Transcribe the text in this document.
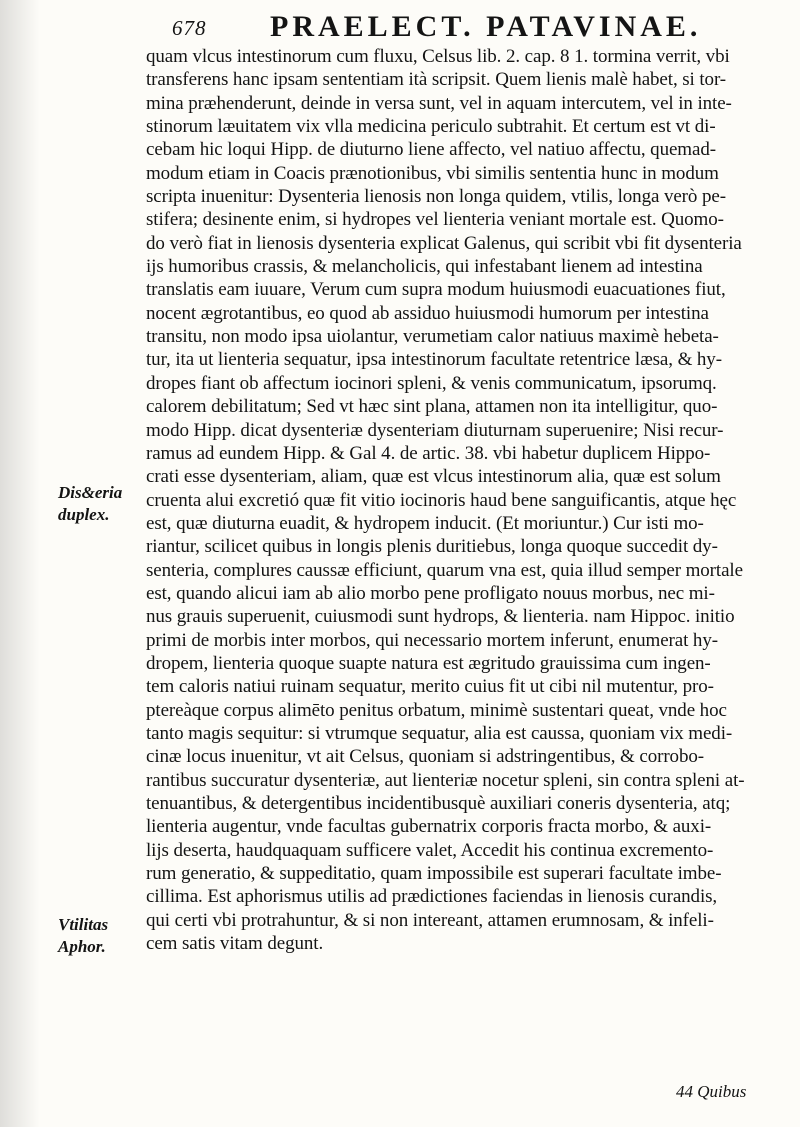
678 PRAELECT. PATAVINAE.
quam vlcus intestinorum cum fluxu, Celsus lib. 2. cap. 8 1. tormina verrit, vbi
transferens hanc ipsam sententiam ità scripsit. Quem lienis malè habet, si tor-
mina præhenderunt, deinde in versa sunt, vel in aquam intercutem, vel in inte-
stinorum læuitatem vix vlla medicina periculo subtrahit. Et certum est vt di-
cebam hic loqui Hipp. de diuturno liene affecto, vel natiuo affectu, quemad-
modum etiam in Coacis prænotionibus, vbi similis sententia hunc in modum
scripta inuenitur: Dysenteria lienosis non longa quidem, vtilis, longa verò pe-
stifera; desinente enim, si hydropes vel lienteria veniant mortale est. Quomo-
do verò fiat in lienosis dysenteria explicat Galenus, qui scribit vbi fit dysenteria
ijs humoribus crassis, & melancholicis, qui infestabant lienem ad intestina
translatis eam iuuare, Verum cum supra modum huiusmodi euacuationes fiut,
nocent ægrotantibus, eo quod ab assiduo huiusmodi humorum per intestina
transitu, non modo ipsa uiolantur, verumetiam calor natiuus maximè hebeta-
tur, ita ut lienteria sequatur, ipsa intestinorum facultate retentrice læsa, & hy-
dropes fiant ob affectum iocinori spleni, & venis communicatum, ipsorumq.
calorem debilitatum; Sed vt hæc sint plana, attamen non ita intelligitur, quo-
modo Hipp. dicat dysenteriæ dysenteriam diuturnam superuenire; Nisi recur-
ramus ad eundem Hipp. & Gal 4. de artic. 38. vbi habetur duplicem Hippo-
crati esse dysenteriam, aliam, quæ est vlcus intestinorum alia, quæ est solum
cruenta alui excretió quæ fit vitio iocinoris haud bene sanguificantis, atque hęc
est, quæ diuturna euadit, & hydropem inducit. (Et moriuntur.) Cur isti mo-
riantur, scilicet quibus in longis plenis duritiebus, longa quoque succedit dy-
senteria, complures caussæ efficiunt, quarum vna est, quia illud semper mortale
est, quando alicui iam ab alio morbo pene profligato nouus morbus, nec mi-
nus grauis superuenit, cuiusmodi sunt hydrops, & lienteria. nam Hippoc. initio
primi de morbis inter morbos, qui necessario mortem inferunt, enumerat hy-
dropem, lienteria quoque suapte natura est ægritudo grauissima cum ingen-
tem caloris natiui ruinam sequatur, merito cuius fit ut cibi nil mutentur, pro-
ptereàque corpus alimēto penitus orbatum, minimè sustentari queat, vnde hoc
tanto magis sequitur: si vtrumque sequatur, alia est caussa, quoniam vix medi-
cinæ locus inuenitur, vt ait Celsus, quoniam si adstringentibus, & corrobo-
rantibus succuratur dysenteriæ, aut lienteriæ nocetur spleni, sin contra spleni at-
tenuantibus, & detergentibus incidentibusquè auxiliari coneris dysenteria, atq;
lienteria augentur, vnde facultas gubernatrix corporis fracta morbo, & auxi-
lijs deserta, haudquaquam sufficere valet, Accedit his continua excremento-
rum generatio, & suppeditatio, quam impossibile est superari facultate imbe-
cillima. Est aphorismus utilis ad prædictiones faciendas in lienosis curandis,
qui certi vbi protrahuntur, & si non intereant, attamen erumnosam, & infeli-
cem satis vitam degunt.
Dis&eria
duplex.
Vtilitas
Aphor.
44 Quibus
